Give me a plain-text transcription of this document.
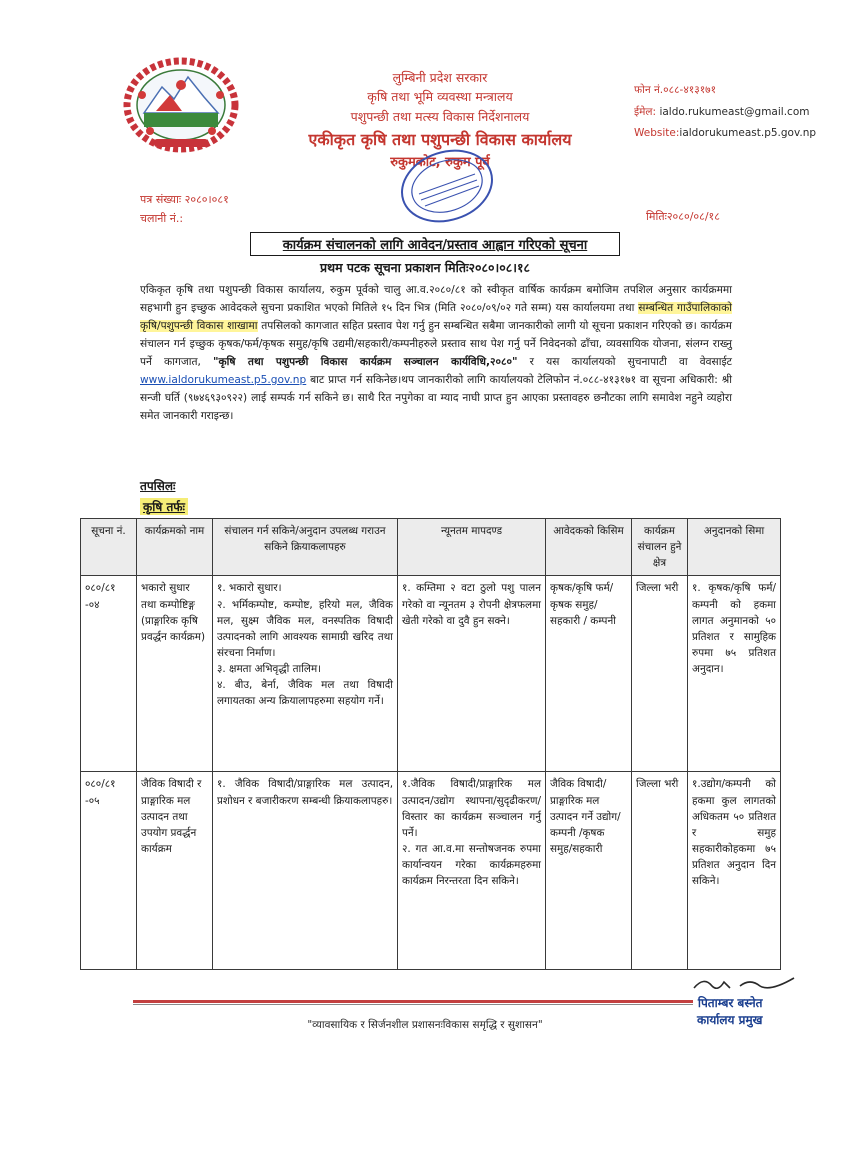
लुम्बिनी प्रदेश सरकार
कृषि तथा भूमि व्यवस्था मन्त्रालय
पशुपन्छी तथा मत्स्य विकास निर्देशनालय
एकीकृत कृषि तथा पशुपन्छी विकास कार्यालय
रुकुमकोट, रुकुम पूर्व
फोन नं.०८८-४१३१७१
ईमेल: ialdo.rukumeast@gmail.com
Website:ialdorukumeast.p5.gov.np
पत्र संख्याः २०८०।०८१
चलानी नं.:	मितिः२०८०/०८/१८
कार्यक्रम संचालनको लागि आवेदन/प्रस्ताव आह्वान गरिएको सूचना
प्रथम पटक सूचना प्रकाशन मितिः२०८०।०८।१८
एकिकृत कृषि तथा पशुपन्छी विकास कार्यालय, रुकुम पूर्वको चालु आ.व.२०८०/८१ को स्वीकृत वार्षिक कार्यक्रम बमोजिम तपशिल अनुसार कार्यक्रममा सहभागी हुन इच्छुक आवेदकले सुचना प्रकाशित भएको मितिले १५ दिन भित्र (मिति २०८०/०९/०२ गते सम्म) यस कार्यालयमा तथा सम्बन्धित गाउँपालिकाको कृषि/पशुपन्छी विकास शाखामा तपसिलको कागजात सहित प्रस्ताव पेश गर्नु हुन सम्बन्धित सबैमा जानकारीको लागी यो सूचना प्रकाशन गरिएको छ। कार्यक्रम संचालन गर्न इच्छुक कृषक/फर्म/कृषक समुह/कृषि उद्यमी/सहकारी/कम्पनीहरुले प्रस्ताव साथ पेश गर्नु पर्ने निवेदनको ढाँचा, व्यवसायिक योजना, संलग्न राख्नु पर्ने कागजात, "कृषि तथा पशुपन्छी विकास कार्यक्रम सञ्चालन कार्यविधि,२०८०" र यस कार्यालयको सुचनापाटी वा वेवसाईट www.ialdorukumeast.p5.gov.np बाट प्राप्त गर्न सकिनेछ।थप जानकारीको लागि कार्यालयको टेलिफोन नं.०८८-४१३१७१ वा सूचना अधिकारी: श्री सन्जी घर्ति (९७४६९३०९२२) लाई सम्पर्क गर्न सकिने छ। साथै रित नपुगेका वा म्याद नाघी प्राप्त हुन आएका प्रस्तावहरु छनौटका लागि समावेश नहुने व्यहोरा समेत जानकारी गराइन्छ।
तपसिलः
कृषि तर्फः
सूचना नं.	कार्यक्रमको नाम	संचालन गर्न सकिने/अनुदान उपलब्ध गराउन सकिने क्रियाकलापहरु	न्यूनतम मापदण्ड	आवेदकको किसिम	कार्यक्रम संचालन हुने क्षेत्र	अनुदानको सिमा
०८०/८१ -०४	भकारो सुधार तथा कम्पोष्टिङ्ग (प्राङ्गारिक कृषि प्रवर्द्धन कार्यक्रम)	१. भकारो सुधार।
२. भर्मिकम्पोष्ट, कम्पोष्ट, हरियो मल, जैविक मल, सुक्ष्म जैविक मल, वनस्पतिक विषादी उत्पादनको लागि आवश्यक सामाग्री खरिद तथा संरचना निर्माण।
३. क्षमता अभिवृद्धी तालिम।
४. बीउ, बेर्ना, जैविक मल तथा विषादी लगायतका अन्य क्रियालापहरुमा सहयोग गर्ने।	१. कम्तिमा २ वटा ठुलो पशु पालन गरेको वा न्यूनतम ३ रोपनी क्षेत्रफलमा खेती गरेको वा दुवै हुन सक्ने।	कृषक/कृषि फर्म/कृषक समुह/सहकारी / कम्पनी	जिल्ला भरी	१. कृषक/कृषि फर्म/ कम्पनी को हकमा लागत अनुमानको ५० प्रतिशत र सामुहिक रुपमा ७५ प्रतिशत अनुदान।
०८०/८१ -०५	जैविक विषादी र प्राङ्गारिक मल उत्पादन तथा उपयोग प्रवर्द्धन कार्यक्रम	१. जैविक विषादी/प्राङ्गारिक मल उत्पादन, प्रशोधन र बजारीकरण सम्बन्धी क्रियाकलापहरु।	१.जैविक विषादी/प्राङ्गारिक मल उत्पादन/उद्योग स्थापना/सुदृढीकरण/विस्तार का कार्यक्रम सञ्चालन गर्नु पर्ने।
२. गत आ.व.मा सन्तोषजनक रुपमा कार्यान्वयन गरेका कार्यक्रमहरुमा कार्यक्रम निरन्तरता दिन सकिने।	जैविक विषादी/प्राङ्गारिक मल उत्पादन गर्ने उद्योग/कम्पनी /कृषक समुह/सहकारी	जिल्ला भरी	१.उद्योग/कम्पनी को हकमा कुल लागतको अधिकतम ५० प्रतिशत र समुह सहकारीकोहकमा ७५ प्रतिशत अनुदान दिन सकिने।
पिताम्बर बस्नेत
कार्यालय प्रमुख
"व्यावसायिक र सिर्जनशील प्रशासनःविकास समृद्धि र सुशासन"
